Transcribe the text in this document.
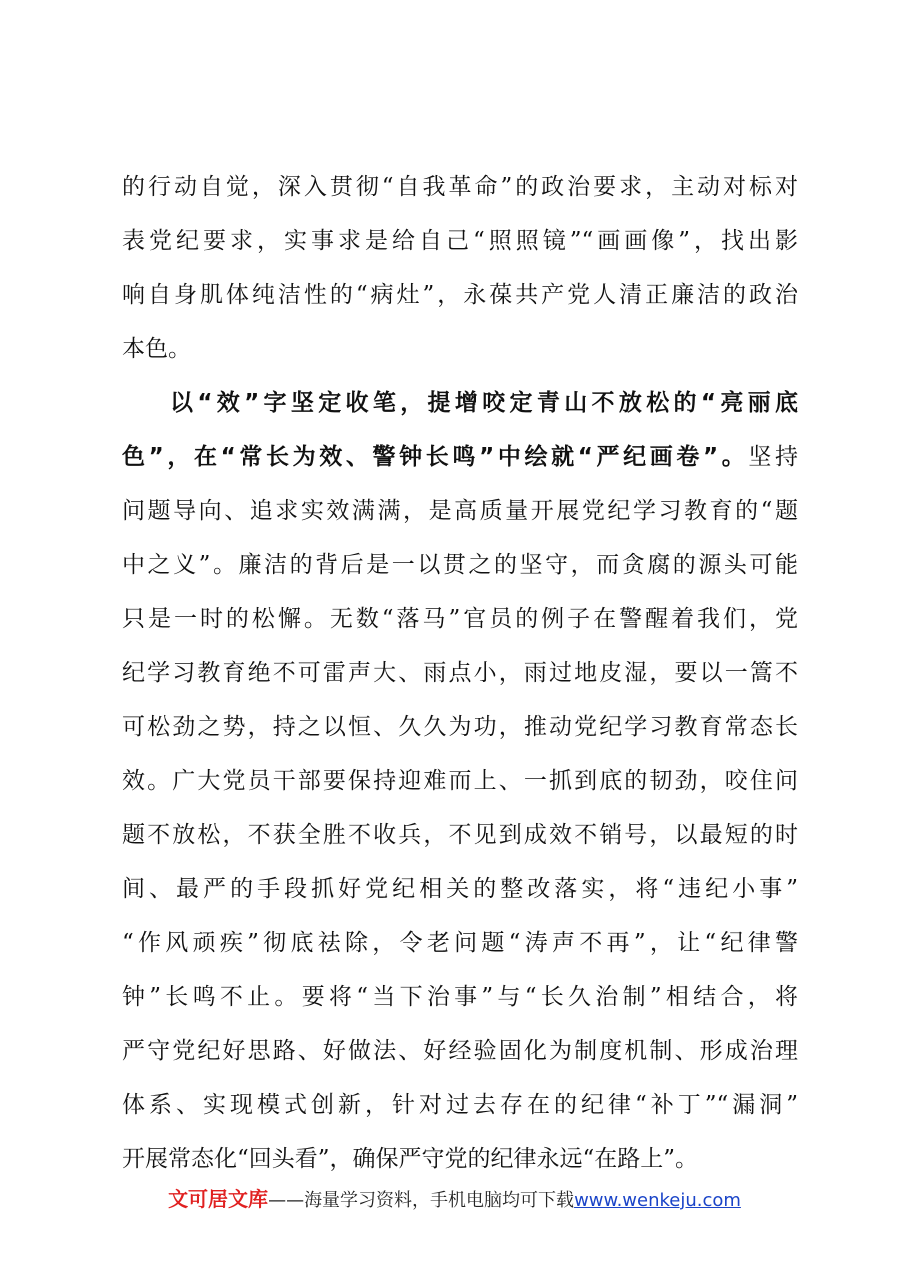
的行动自觉，深入贯彻“自我革命”的政治要求，主动对标对
表党纪要求，实事求是给自己“照照镜”“画画像”，找出影
响自身肌体纯洁性的“病灶”，永葆共产党人清正廉洁的政治
本色。
以“效”字坚定收笔，提增咬定青山不放松的“亮丽底
色”，在“常长为效、警钟长鸣”中绘就“严纪画卷”。坚持
问题导向、追求实效满满，是高质量开展党纪学习教育的“题
中之义”。廉洁的背后是一以贯之的坚守，而贪腐的源头可能
只是一时的松懈。无数“落马”官员的例子在警醒着我们，党
纪学习教育绝不可雷声大、雨点小，雨过地皮湿，要以一篙不
可松劲之势，持之以恒、久久为功，推动党纪学习教育常态长
效。广大党员干部要保持迎难而上、一抓到底的韧劲，咬住问
题不放松，不获全胜不收兵，不见到成效不销号，以最短的时
间、最严的手段抓好党纪相关的整改落实，将“违纪小事”
“作风顽疾”彻底祛除，令老问题“涛声不再”，让“纪律警
钟”长鸣不止。要将“当下治事”与“长久治制”相结合，将
严守党纪好思路、好做法、好经验固化为制度机制、形成治理
体系、实现模式创新，针对过去存在的纪律“补丁”“漏洞”
开展常态化“回头看”，确保严守党的纪律永远“在路上”。
文可居文库——海量学习资料，手机电脑均可下载www.wenkeju.com
